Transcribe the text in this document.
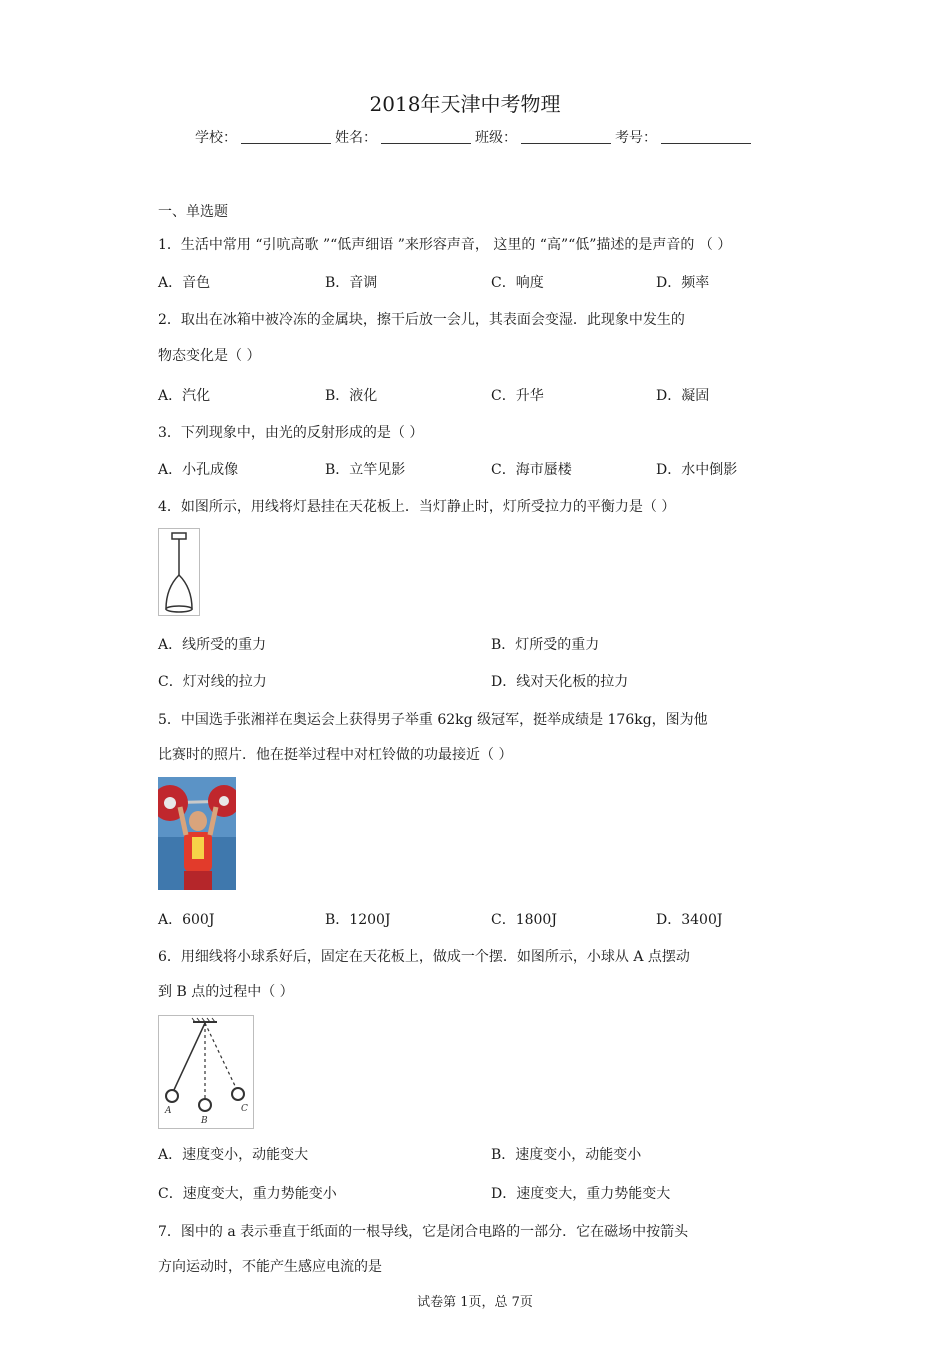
2018年天津中考物理
学校：	姓名：	班级：	考号：
一、单选题
1．生活中常用 “引吭高歌 ”“低声细语 ”来形容声音， 这里的 “高”“低”描述的是声音的 （ ）
A．音色	B．音调	C．响度	D．频率
2．取出在冰箱中被冷冻的金属块，擦干后放一会儿，其表面会变湿．此现象中发生的
物态变化是（ ）
A．汽化	B．液化	C．升华	D．凝固
3．下列现象中，由光的反射形成的是（ ）
A．小孔成像	B．立竿见影	C．海市蜃楼	D．水中倒影
4．如图所示，用线将灯悬挂在天花板上．当灯静止时，灯所受拉力的平衡力是（ ）
A．线所受的重力	B．灯所受的重力
C．灯对线的拉力	D．线对天化板的拉力
5．中国选手张湘祥在奥运会上获得男子举重 62kg 级冠军，挺举成绩是 176kg，图为他
比赛时的照片．他在挺举过程中对杠铃做的功最接近（ ）
A．600J	B．1200J	C．1800J	D．3400J
6．用细线将小球系好后，固定在天花板上，做成一个摆．如图所示，小球从 A 点摆动
到 B 点的过程中（ ）
A
B
C
A．速度变小，动能变大	B．速度变小，动能变小
C．速度变大，重力势能变小	D．速度变大，重力势能变大
7．图中的 a 表示垂直于纸面的一根导线，它是闭合电路的一部分．它在磁场中按箭头
方向运动时，不能产生感应电流的是
试卷第 1页，总 7页
